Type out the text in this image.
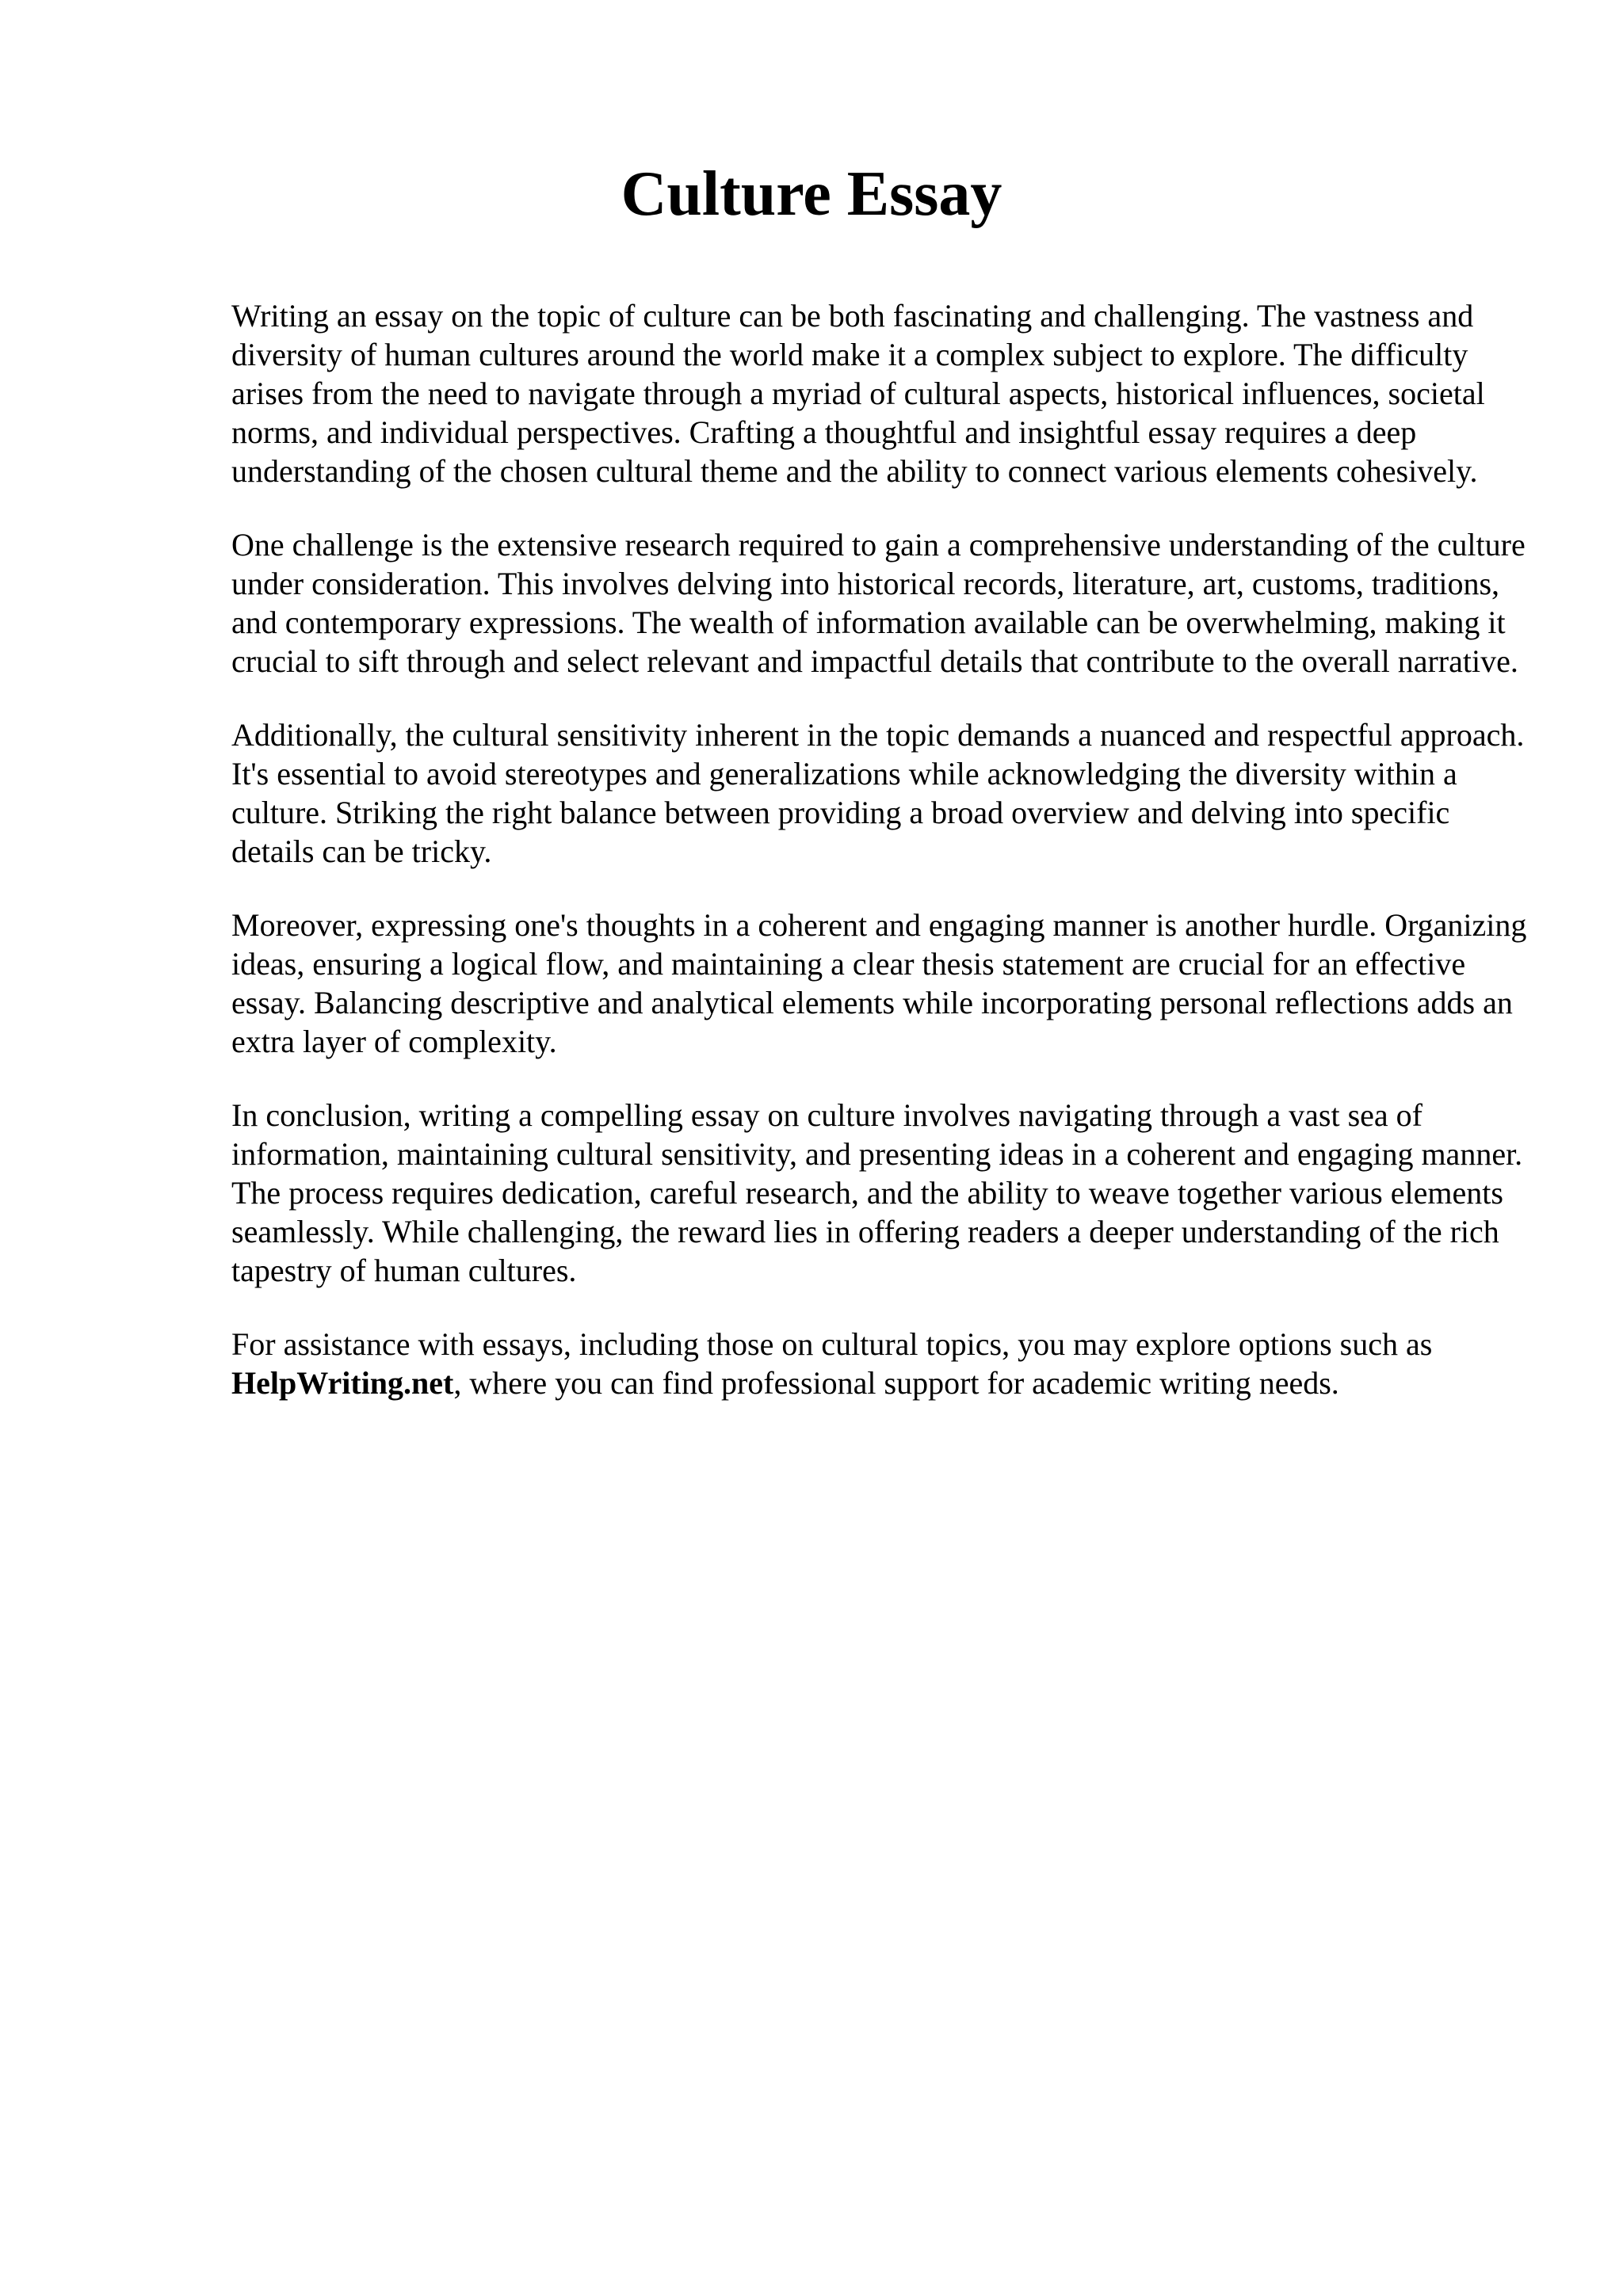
Culture Essay

Writing an essay on the topic of culture can be both fascinating and challenging. The vastness and diversity of human cultures around the world make it a complex subject to explore. The difficulty arises from the need to navigate through a myriad of cultural aspects, historical influences, societal norms, and individual perspectives. Crafting a thoughtful and insightful essay requires a deep understanding of the chosen cultural theme and the ability to connect various elements cohesively.

One challenge is the extensive research required to gain a comprehensive understanding of the culture under consideration. This involves delving into historical records, literature, art, customs, traditions, and contemporary expressions. The wealth of information available can be overwhelming, making it crucial to sift through and select relevant and impactful details that contribute to the overall narrative.

Additionally, the cultural sensitivity inherent in the topic demands a nuanced and respectful approach. It's essential to avoid stereotypes and generalizations while acknowledging the diversity within a culture. Striking the right balance between providing a broad overview and delving into specific details can be tricky.

Moreover, expressing one's thoughts in a coherent and engaging manner is another hurdle. Organizing ideas, ensuring a logical flow, and maintaining a clear thesis statement are crucial for an effective essay. Balancing descriptive and analytical elements while incorporating personal reflections adds an extra layer of complexity.

In conclusion, writing a compelling essay on culture involves navigating through a vast sea of information, maintaining cultural sensitivity, and presenting ideas in a coherent and engaging manner. The process requires dedication, careful research, and the ability to weave together various elements seamlessly. While challenging, the reward lies in offering readers a deeper understanding of the rich tapestry of human cultures.

For assistance with essays, including those on cultural topics, you may explore options such as HelpWriting.net, where you can find professional support for academic writing needs.
